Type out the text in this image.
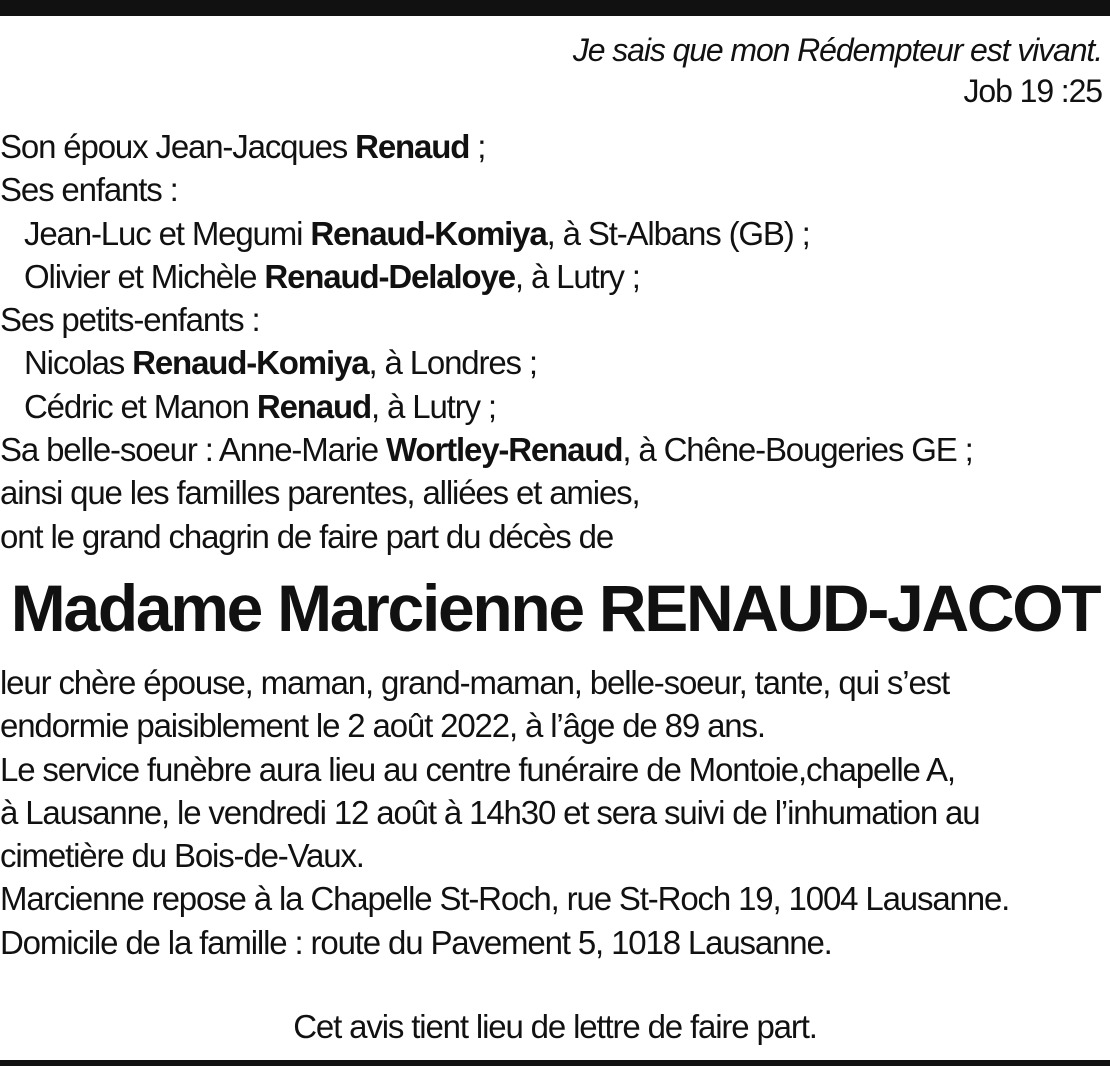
Je sais que mon Rédempteur est vivant.
Job 19 :25
Son époux Jean-Jacques Renaud ;
Ses enfants :
Jean-Luc et Megumi Renaud-Komiya, à St-Albans (GB) ;
Olivier et Michèle Renaud-Delaloye, à Lutry ;
Ses petits-enfants :
Nicolas Renaud-Komiya, à Londres ;
Cédric et Manon Renaud, à Lutry ;
Sa belle-soeur : Anne-Marie Wortley-Renaud, à Chêne-Bougeries GE ;
ainsi que les familles parentes, alliées et amies,
ont le grand chagrin de faire part du décès de
Madame Marcienne RENAUD-JACOT
leur chère épouse, maman, grand-maman, belle-soeur, tante, qui s’est
endormie paisiblement le 2 août 2022, à l’âge de 89 ans.
Le service funèbre aura lieu au centre funéraire de Montoie,chapelle A,
à Lausanne, le vendredi 12 août à 14h30 et sera suivi de l’inhumation au
cimetière du Bois-de-Vaux.
Marcienne repose à la Chapelle St-Roch, rue St-Roch 19, 1004 Lausanne.
Domicile de la famille : route du Pavement 5, 1018 Lausanne.
Cet avis tient lieu de lettre de faire part.
